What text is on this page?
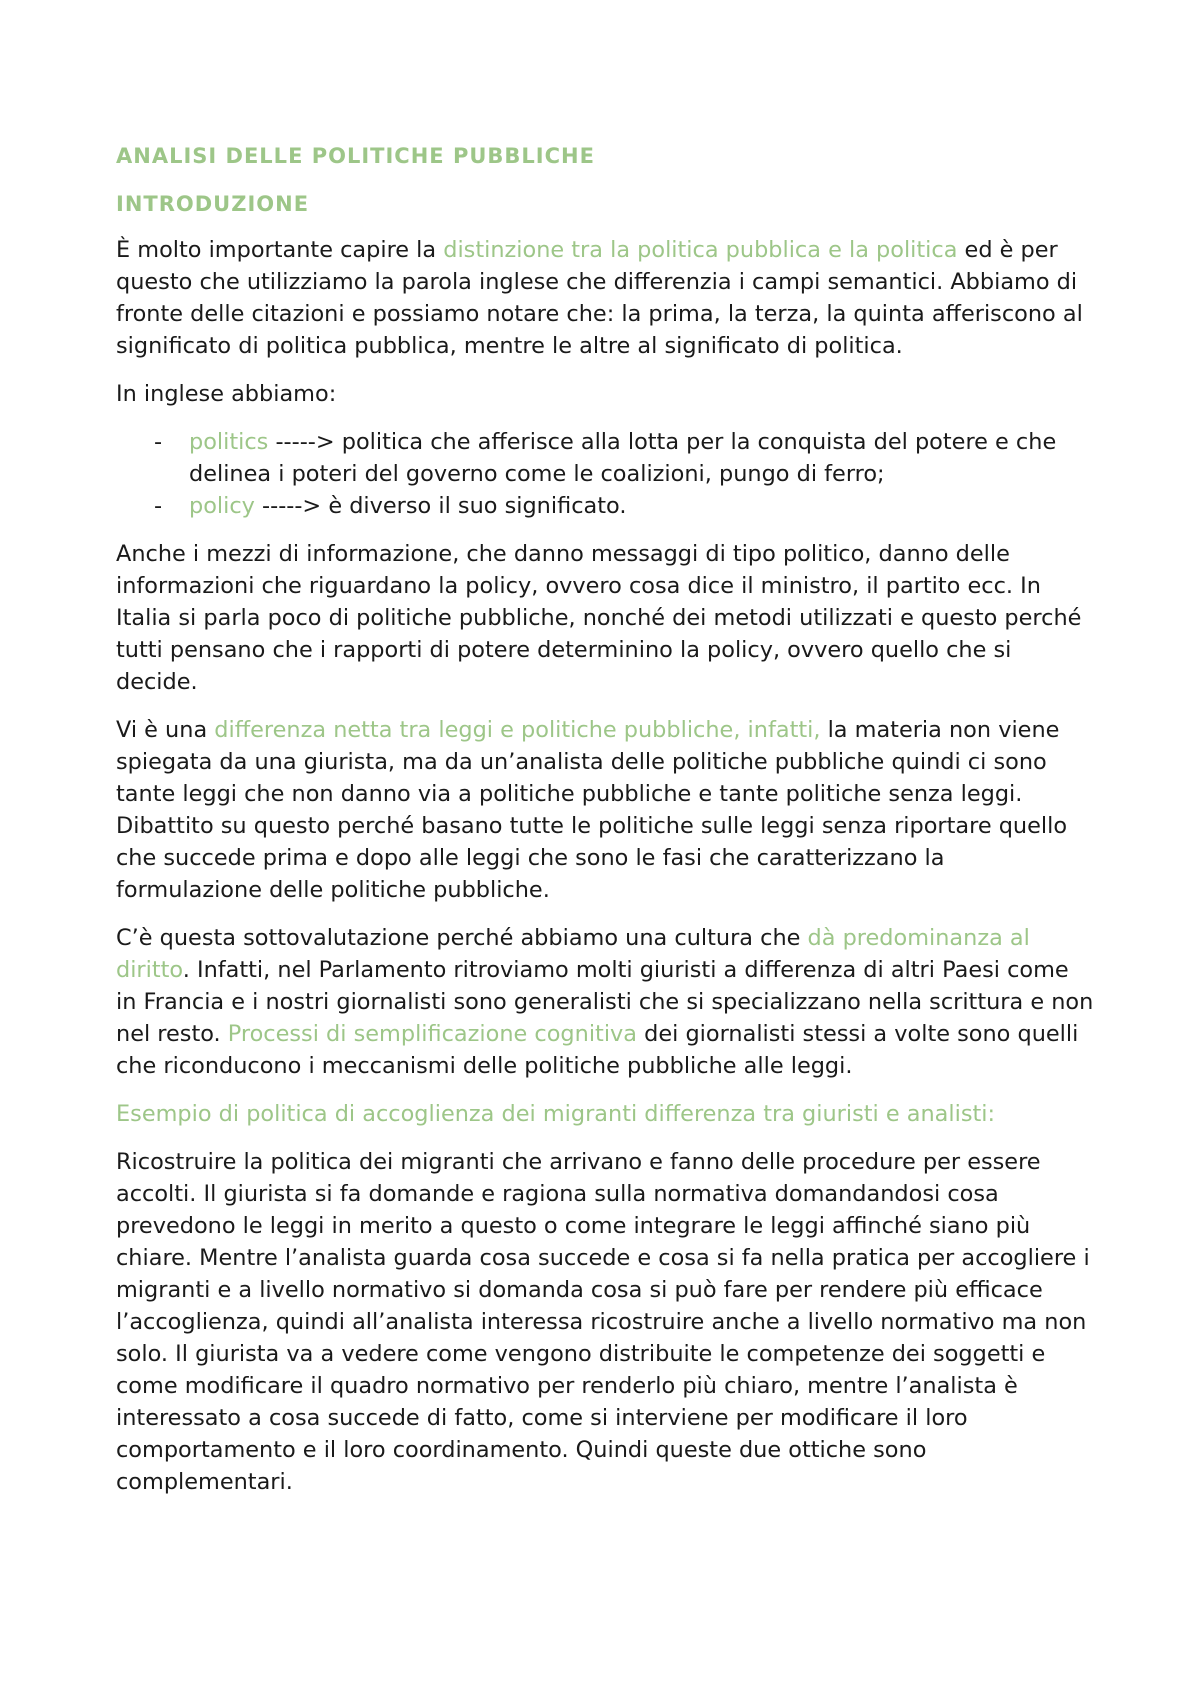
ANALISI DELLE POLITICHE PUBBLICHE
INTRODUZIONE

È molto importante capire la distinzione tra la politica pubblica e la politica ed è per questo che utilizziamo la parola inglese che differenzia i campi semantici. Abbiamo di fronte delle citazioni e possiamo notare che: la prima, la terza, la quinta afferiscono al significato di politica pubblica, mentre le altre al significato di politica.

In inglese abbiamo:

- politics -----> politica che afferisce alla lotta per la conquista del potere e che delinea i poteri del governo come le coalizioni, pungo di ferro;
- policy -----> è diverso il suo significato.

Anche i mezzi di informazione, che danno messaggi di tipo politico, danno delle informazioni che riguardano la policy, ovvero cosa dice il ministro, il partito ecc. In Italia si parla poco di politiche pubbliche, nonché dei metodi utilizzati e questo perché tutti pensano che i rapporti di potere determinino la policy, ovvero quello che si decide.

Vi è una differenza netta tra leggi e politiche pubbliche, infatti, la materia non viene spiegata da una giurista, ma da un’analista delle politiche pubbliche quindi ci sono tante leggi che non danno via a politiche pubbliche e tante politiche senza leggi. Dibattito su questo perché basano tutte le politiche sulle leggi senza riportare quello che succede prima e dopo alle leggi che sono le fasi che caratterizzano la formulazione delle politiche pubbliche.

C’è questa sottovalutazione perché abbiamo una cultura che dà predominanza al diritto. Infatti, nel Parlamento ritroviamo molti giuristi a differenza di altri Paesi come in Francia e i nostri giornalisti sono generalisti che si specializzano nella scrittura e non nel resto. Processi di semplificazione cognitiva dei giornalisti stessi a volte sono quelli che riconducono i meccanismi delle politiche pubbliche alle leggi.

Esempio di politica di accoglienza dei migranti differenza tra giuristi e analisti:

Ricostruire la politica dei migranti che arrivano e fanno delle procedure per essere accolti. Il giurista si fa domande e ragiona sulla normativa domandandosi cosa prevedono le leggi in merito a questo o come integrare le leggi affinché siano più chiare. Mentre l’analista guarda cosa succede e cosa si fa nella pratica per accogliere i migranti e a livello normativo si domanda cosa si può fare per rendere più efficace l’accoglienza, quindi all’analista interessa ricostruire anche a livello normativo ma non solo. Il giurista va a vedere come vengono distribuite le competenze dei soggetti e come modificare il quadro normativo per renderlo più chiaro, mentre l’analista è interessato a cosa succede di fatto, come si interviene per modificare il loro comportamento e il loro coordinamento. Quindi queste due ottiche sono complementari.
